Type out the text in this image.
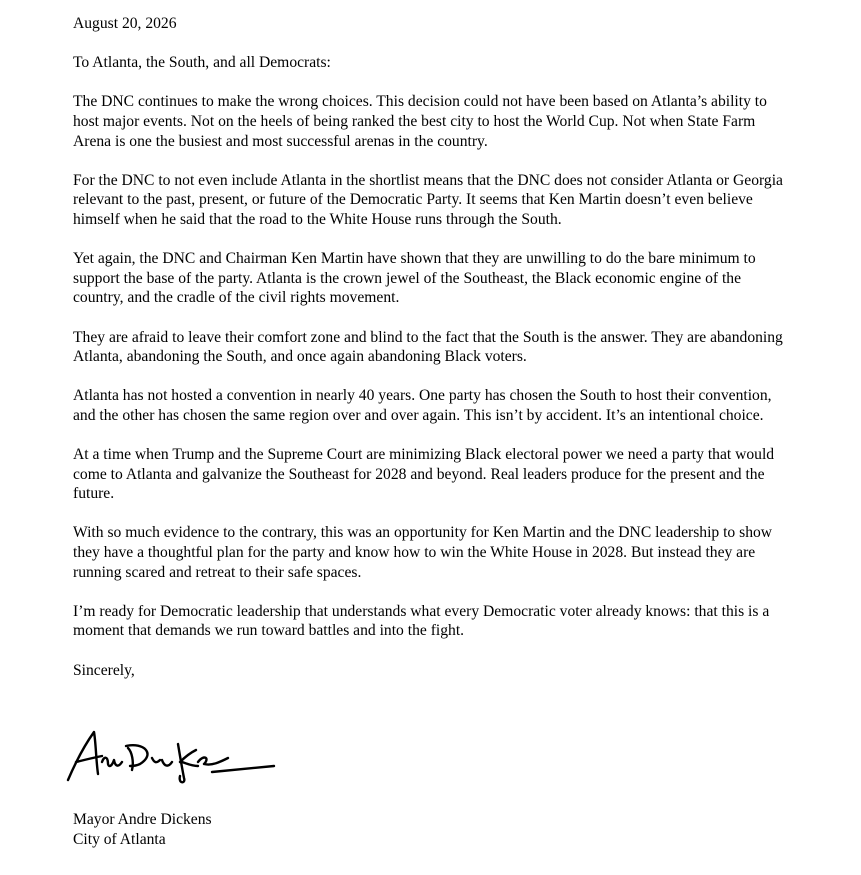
August 20, 2026
To Atlanta, the South, and all Democrats:
The DNC continues to make the wrong choices. This decision could not have been based on Atlanta’s ability to host major events. Not on the heels of being ranked the best city to host the World Cup. Not when State Farm Arena is one the busiest and most successful arenas in the country.
For the DNC to not even include Atlanta in the shortlist means that the DNC does not consider Atlanta or Georgia relevant to the past, present, or future of the Democratic Party. It seems that Ken Martin doesn’t even believe himself when he said that the road to the White House runs through the South.
Yet again, the DNC and Chairman Ken Martin have shown that they are unwilling to do the bare minimum to support the base of the party. Atlanta is the crown jewel of the Southeast, the Black economic engine of the country, and the cradle of the civil rights movement.
They are afraid to leave their comfort zone and blind to the fact that the South is the answer. They are abandoning Atlanta, abandoning the South, and once again abandoning Black voters.
Atlanta has not hosted a convention in nearly 40 years. One party has chosen the South to host their convention, and the other has chosen the same region over and over again. This isn’t by accident. It’s an intentional choice.
At a time when Trump and the Supreme Court are minimizing Black electoral power we need a party that would come to Atlanta and galvanize the Southeast for 2028 and beyond. Real leaders produce for the present and the future.
With so much evidence to the contrary, this was an opportunity for Ken Martin and the DNC leadership to show they have a thoughtful plan for the party and know how to win the White House in 2028. But instead they are running scared and retreat to their safe spaces.
I’m ready for Democratic leadership that understands what every Democratic voter already knows: that this is a moment that demands we run toward battles and into the fight.
Sincerely,
Mayor Andre Dickens
City of Atlanta
